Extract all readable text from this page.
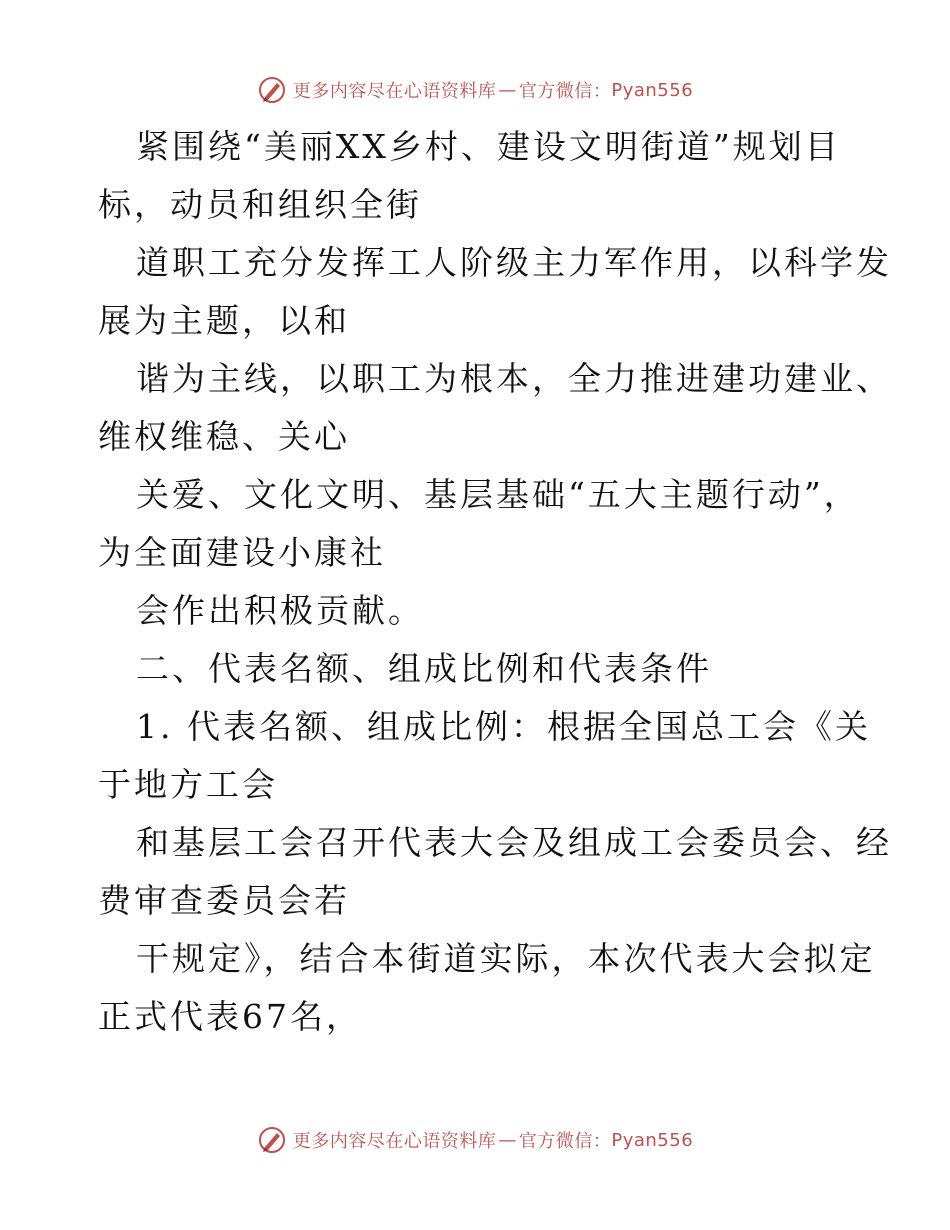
更多内容尽在心语资料库 — 官方微信： Pyan556
紧围绕“美丽XX乡村、建设文明街道”规划目
标，动员和组织全街
道职工充分发挥工人阶级主力军作用，以科学发
展为主题，以和
谐为主线，以职工为根本，全力推进建功建业、
维权维稳、关心
关爱、文化文明、基层基础“五大主题行动”，
为全面建设小康社
会作出积极贡献。
二、代表名额、组成比例和代表条件
1. 代表名额、组成比例：根据全国总工会《关
于地方工会
和基层工会召开代表大会及组成工会委员会、经
费审查委员会若
干规定》，结合本街道实际，本次代表大会拟定
正式代表67名，
更多内容尽在心语资料库 — 官方微信： Pyan556
